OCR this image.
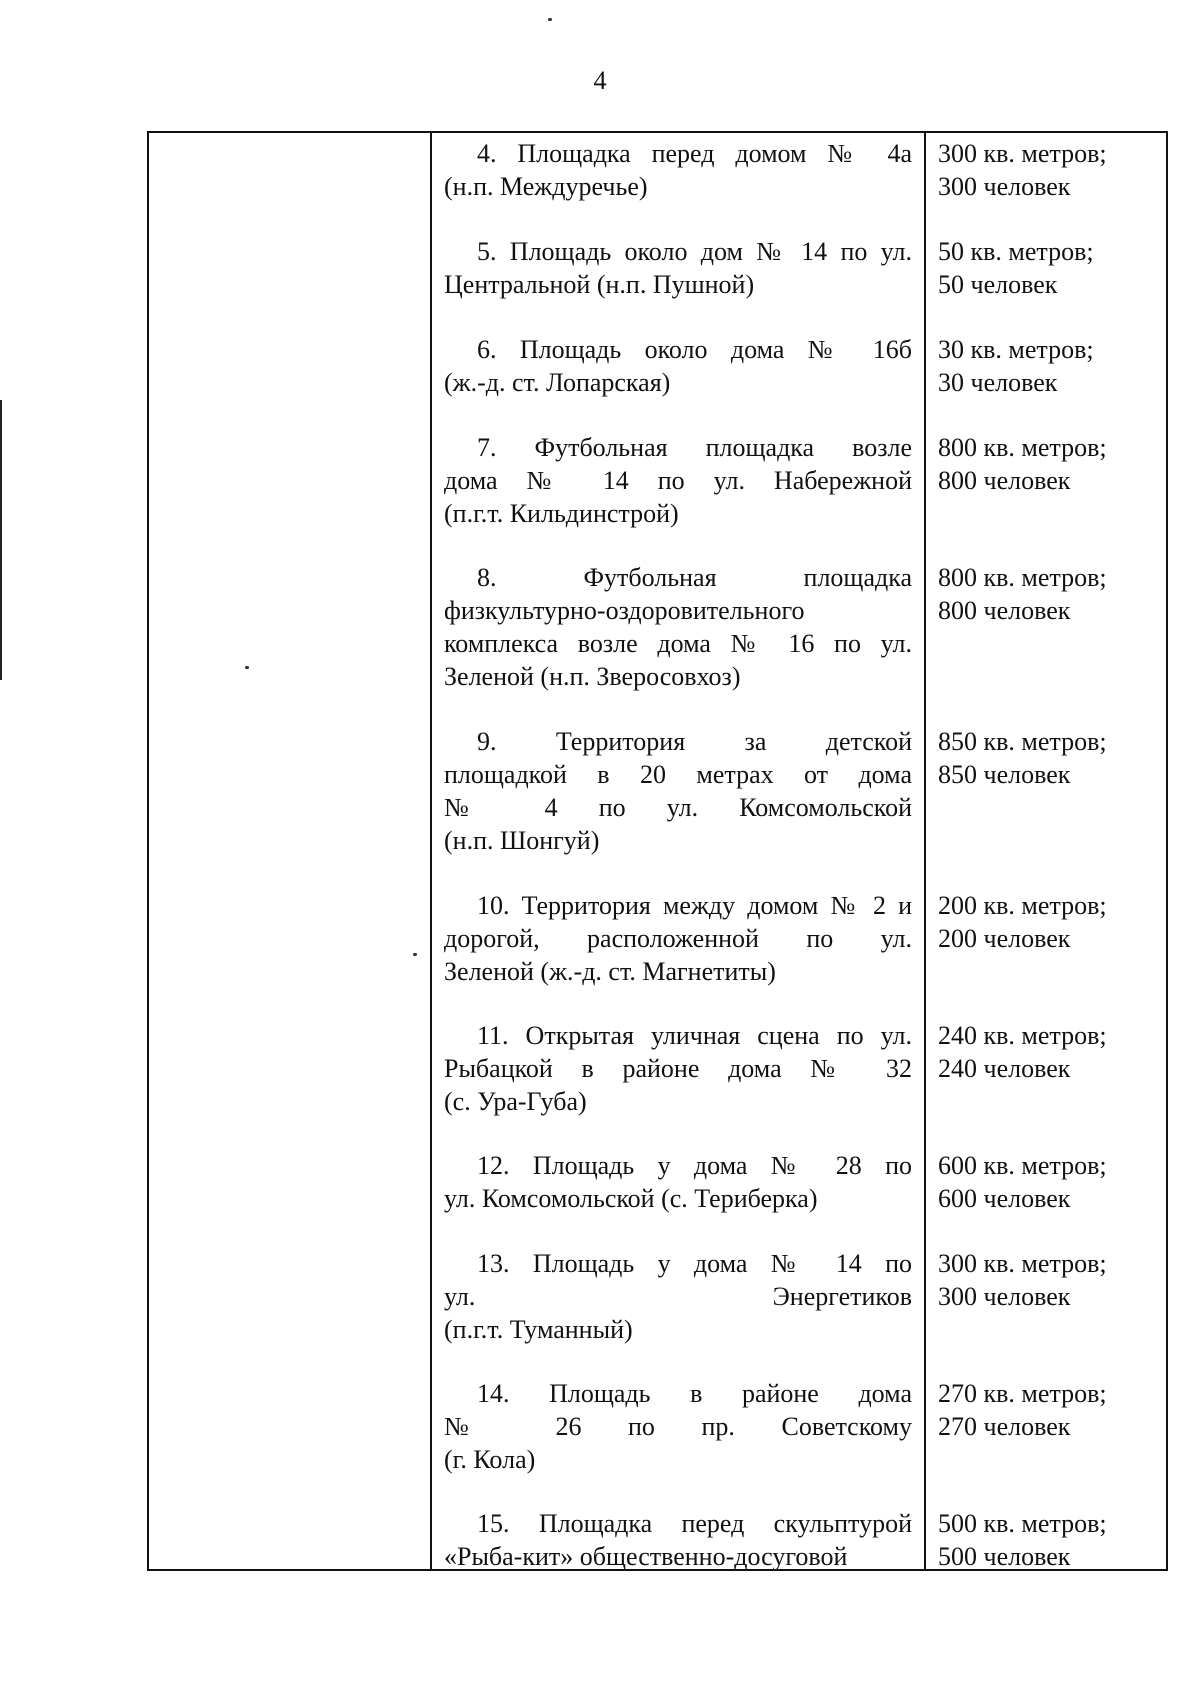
4
4. Площадка перед домом № 4а
(н.п. Междуречье)
5. Площадь около дом № 14 по ул.
Центральной (н.п. Пушной)
6. Площадь около дома № 16б
(ж.-д. ст. Лопарская)
7. Футбольная площадка возле
дома № 14 по ул. Набережной
(п.г.т. Кильдинстрой)
8. Футбольная площадка
физкультурно-оздоровительного
комплекса возле дома № 16 по ул.
Зеленой (н.п. Зверосовхоз)
9. Территория за детской
площадкой в 20 метрах от дома
№ 4 по ул. Комсомольской
(н.п. Шонгуй)
10. Территория между домом № 2 и
дорогой, расположенной по ул.
Зеленой (ж.-д. ст. Магнетиты)
11. Открытая уличная сцена по ул.
Рыбацкой в районе дома № 32
(с. Ура-Губа)
12. Площадь у дома № 28 по
ул. Комсомольской (с. Териберка)
13. Площадь у дома № 14 по
ул. Энергетиков
(п.г.т. Туманный)
14. Площадь в районе дома
№ 26 по пр. Советскому
(г. Кола)
15. Площадка перед скульптурой
«Рыба-кит» общественно-досуговой
300 кв. метров;
300 человек
50 кв. метров;
50 человек
30 кв. метров;
30 человек
800 кв. метров;
800 человек
800 кв. метров;
800 человек
850 кв. метров;
850 человек
200 кв. метров;
200 человек
240 кв. метров;
240 человек
600 кв. метров;
600 человек
300 кв. метров;
300 человек
270 кв. метров;
270 человек
500 кв. метров;
500 человек
